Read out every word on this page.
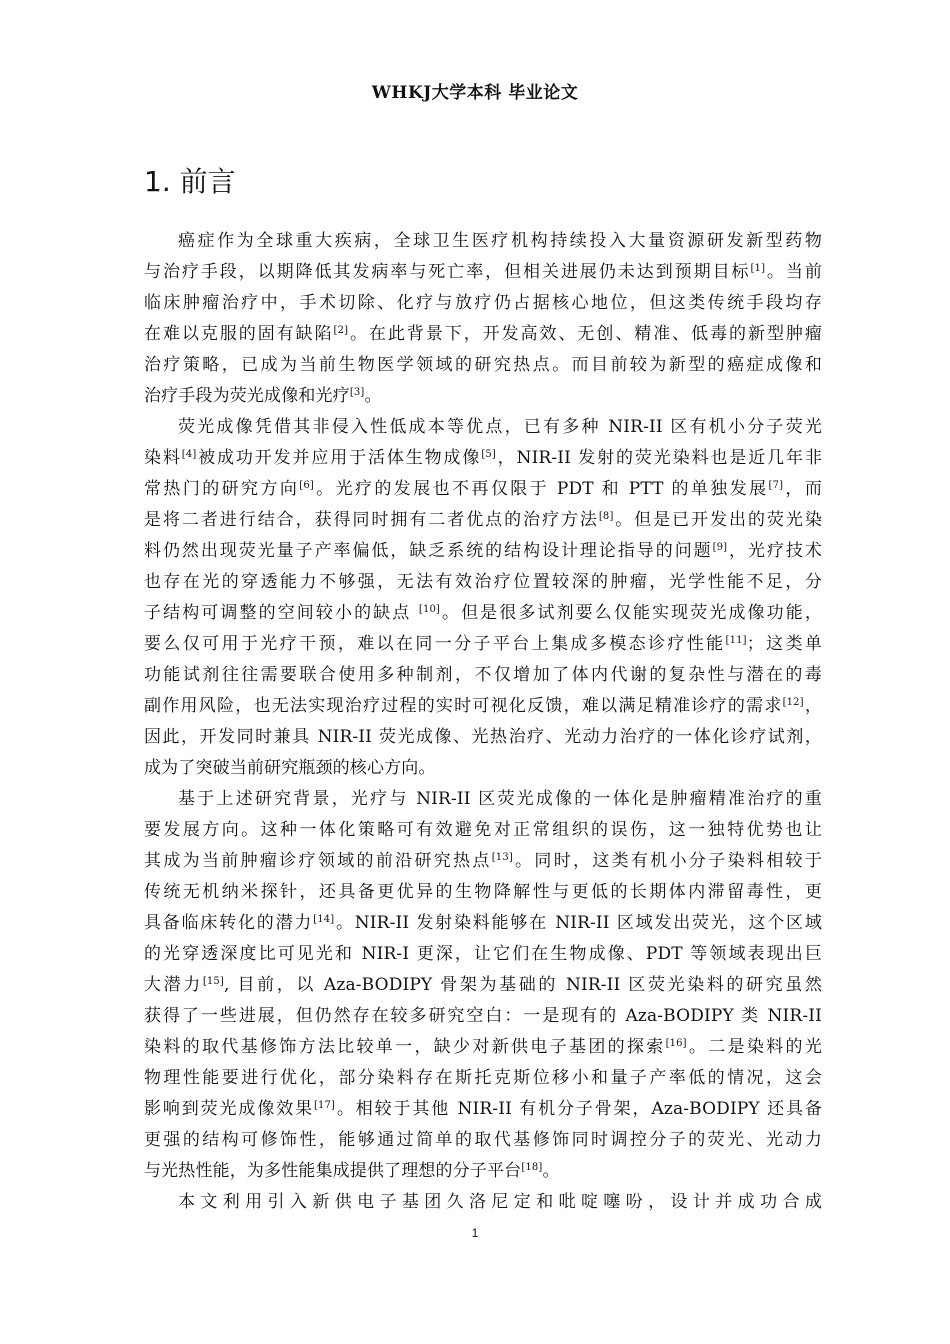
WHKJ大学本科 毕业论文
1. 前言
癌症作为全球重大疾病，全球卫生医疗机构持续投入大量资源研发新型药物
与治疗手段，以期降低其发病率与死亡率，但相关进展仍未达到预期目标[1]。当前
临床肿瘤治疗中，手术切除、化疗与放疗仍占据核心地位，但这类传统手段均存
在难以克服的固有缺陷[2]。在此背景下，开发高效、无创、精准、低毒的新型肿瘤
治疗策略，已成为当前生物医学领域的研究热点。而目前较为新型的癌症成像和
治疗手段为荧光成像和光疗[3]。
荧光成像凭借其非侵入性低成本等优点，已有多种 NIR-II 区有机小分子荧光
染料[4]被成功开发并应用于活体生物成像[5]，NIR-II 发射的荧光染料也是近几年非
常热门的研究方向[6]。光疗的发展也不再仅限于 PDT 和 PTT 的单独发展[7]，而
是将二者进行结合，获得同时拥有二者优点的治疗方法[8]。但是已开发出的荧光染
料仍然出现荧光量子产率偏低，缺乏系统的结构设计理论指导的问题[9]，光疗技术
也存在光的穿透能力不够强，无法有效治疗位置较深的肿瘤，光学性能不足，分
子结构可调整的空间较小的缺点 [10]。但是很多试剂要么仅能实现荧光成像功能，
要么仅可用于光疗干预，难以在同一分子平台上集成多模态诊疗性能[11]；这类单
功能试剂往往需要联合使用多种制剂，不仅增加了体内代谢的复杂性与潜在的毒
副作用风险，也无法实现治疗过程的实时可视化反馈，难以满足精准诊疗的需求[12]，
因此，开发同时兼具 NIR-II 荧光成像、光热治疗、光动力治疗的一体化诊疗试剂，
成为了突破当前研究瓶颈的核心方向。
基于上述研究背景，光疗与 NIR-II 区荧光成像的一体化是肿瘤精准治疗的重
要发展方向。这种一体化策略可有效避免对正常组织的误伤，这一独特优势也让
其成为当前肿瘤诊疗领域的前沿研究热点[13]。同时，这类有机小分子染料相较于
传统无机纳米探针，还具备更优异的生物降解性与更低的长期体内滞留毒性，更
具备临床转化的潜力[14]。NIR-II 发射染料能够在 NIR-II 区域发出荧光，这个区域
的光穿透深度比可见光和 NIR-I 更深，让它们在生物成像、PDT 等领域表现出巨
大潜力[15], 目前，以 Aza-BODIPY 骨架为基础的 NIR-II 区荧光染料的研究虽然
获得了一些进展，但仍然存在较多研究空白：一是现有的 Aza-BODIPY 类 NIR-II
染料的取代基修饰方法比较单一，缺少对新供电子基团的探索[16]。二是染料的光
物理性能要进行优化，部分染料存在斯托克斯位移小和量子产率低的情况，这会
影响到荧光成像效果[17]。相较于其他 NIR-II 有机分子骨架，Aza-BODIPY 还具备
更强的结构可修饰性，能够通过简单的取代基修饰同时调控分子的荧光、光动力
与光热性能，为多性能集成提供了理想的分子平台[18]。
本文利用引入新供电子基团久洛尼定和吡啶噻吩，设计并成功合成
1
